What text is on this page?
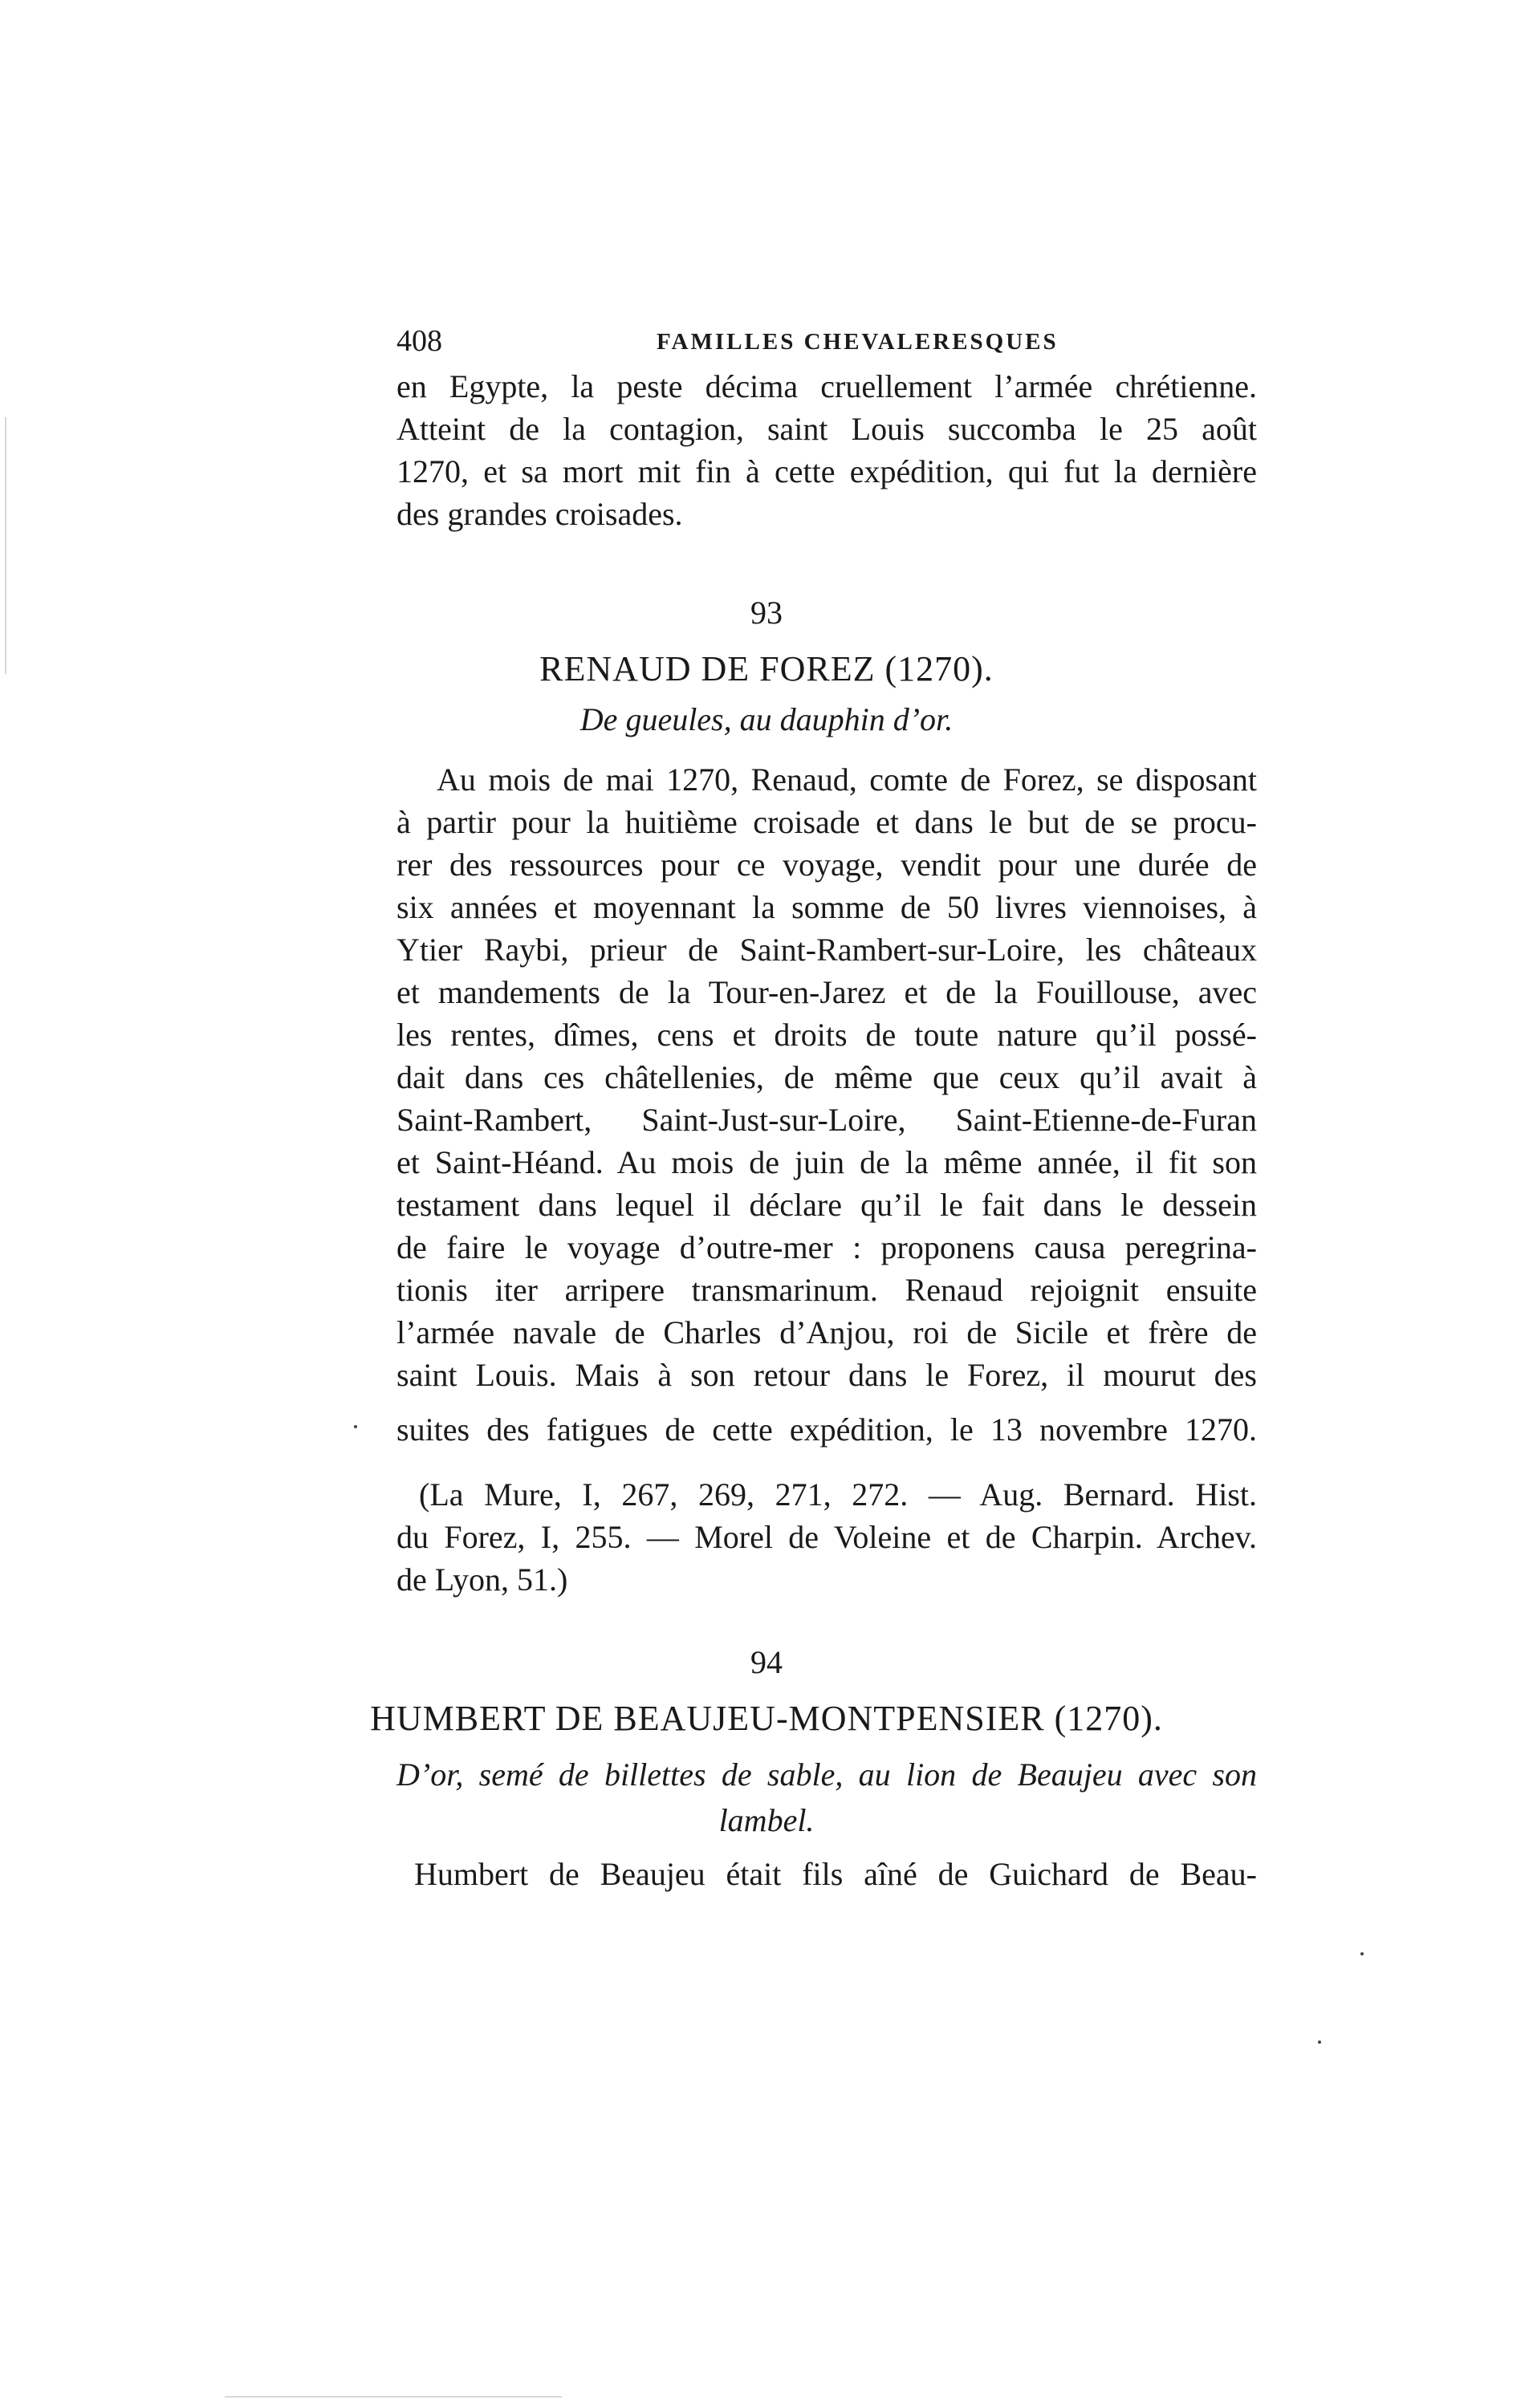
408	FAMILLES CHEVALERESQUES
en Egypte, la peste décima cruellement l’armée chrétienne.
Atteint de la contagion, saint Louis succomba le 25 août
1270, et sa mort mit fin à cette expédition, qui fut la dernière
des grandes croisades.
93
RENAUD DE FOREZ (1270).
De gueules, au dauphin d’or.
Au mois de mai 1270, Renaud, comte de Forez, se disposant
à partir pour la huitième croisade et dans le but de se procu-
rer des ressources pour ce voyage, vendit pour une durée de
six années et moyennant la somme de 50 livres viennoises, à
Ytier Raybi, prieur de Saint-Rambert-sur-Loire, les châteaux
et mandements de la Tour-en-Jarez et de la Fouillouse, avec
les rentes, dîmes, cens et droits de toute nature qu’il possé-
dait dans ces châtellenies, de même que ceux qu’il avait à
Saint-Rambert, Saint-Just-sur-Loire, Saint-Etienne-de-Furan
et Saint-Héand. Au mois de juin de la même année, il fit son
testament dans lequel il déclare qu’il le fait dans le dessein
de faire le voyage d’outre-mer : proponens causa peregrina-
tionis iter arripere transmarinum. Renaud rejoignit ensuite
l’armée navale de Charles d’Anjou, roi de Sicile et frère de
saint Louis. Mais à son retour dans le Forez, il mourut des
suites des fatigues de cette expédition, le 13 novembre 1270.
(La Mure, I, 267, 269, 271, 272. — Aug. Bernard. Hist.
du Forez, I, 255. — Morel de Voleine et de Charpin. Archev.
de Lyon, 51.)
94
HUMBERT DE BEAUJEU-MONTPENSIER (1270).
D’or, semé de billettes de sable, au lion de Beaujeu avec son
lambel.
Humbert de Beaujeu était fils aîné de Guichard de Beau-
